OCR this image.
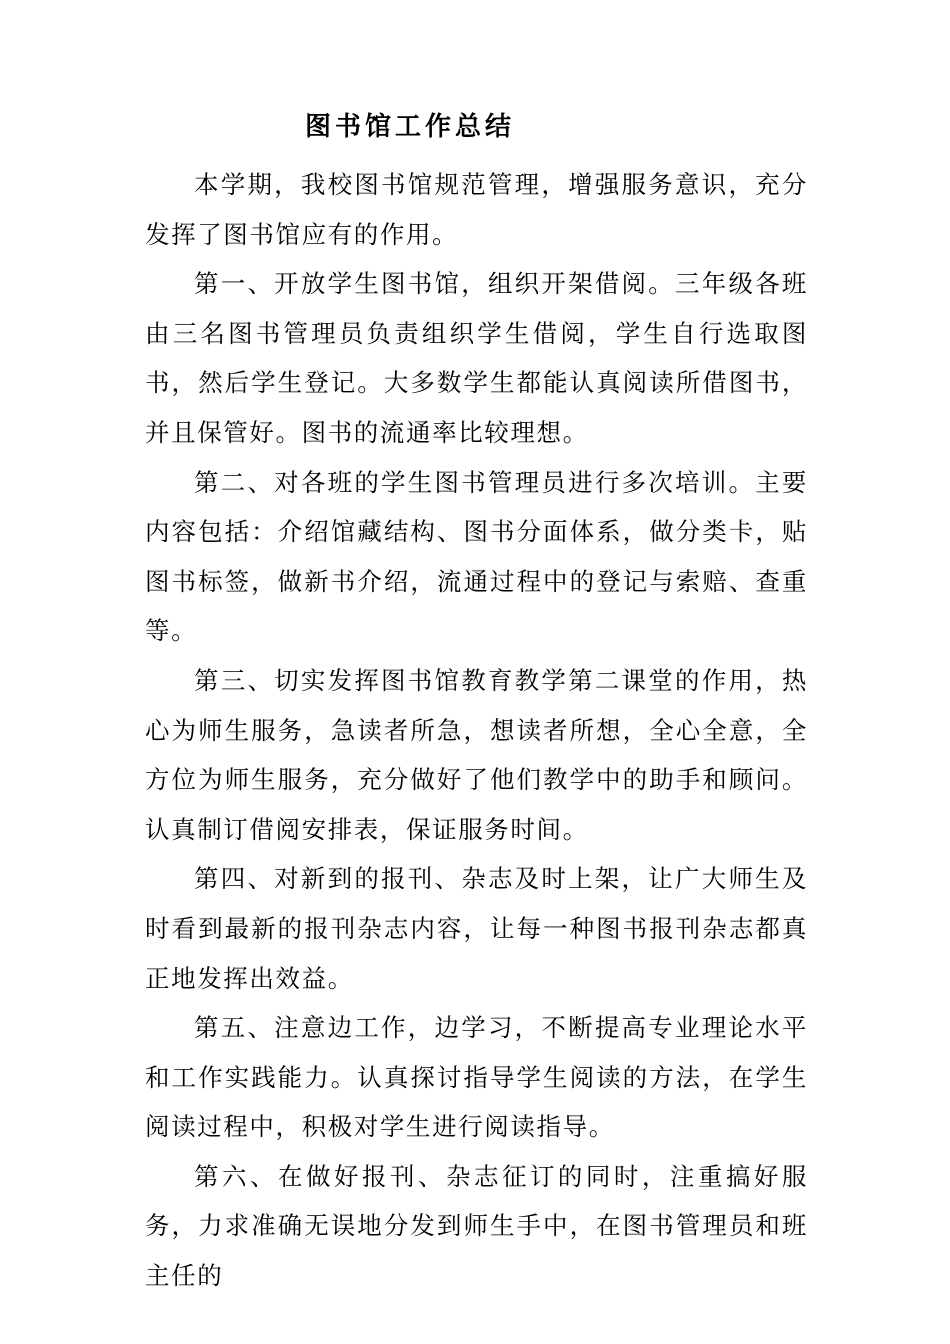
图书馆工作总结

本学期，我校图书馆规范管理，增强服务意识，充分发挥了图书馆应有的作用。

第一、开放学生图书馆，组织开架借阅。三年级各班由三名图书管理员负责组织学生借阅，学生自行选取图书，然后学生登记。大多数学生都能认真阅读所借图书，并且保管好。图书的流通率比较理想。

第二、对各班的学生图书管理员进行多次培训。主要内容包括：介绍馆藏结构、图书分面体系，做分类卡，贴图书标签，做新书介绍，流通过程中的登记与索赔、查重等。

第三、切实发挥图书馆教育教学第二课堂的作用，热心为师生服务，急读者所急，想读者所想，全心全意，全方位为师生服务，充分做好了他们教学中的助手和顾问。认真制订借阅安排表，保证服务时间。

第四、对新到的报刊、杂志及时上架，让广大师生及时看到最新的报刊杂志内容，让每一种图书报刊杂志都真正地发挥出效益。

第五、注意边工作，边学习，不断提高专业理论水平和工作实践能力。认真探讨指导学生阅读的方法，在学生阅读过程中，积极对学生进行阅读指导。

第六、在做好报刊、杂志征订的同时，注重搞好服务，力求准确无误地分发到师生手中，在图书管理员和班主任的
